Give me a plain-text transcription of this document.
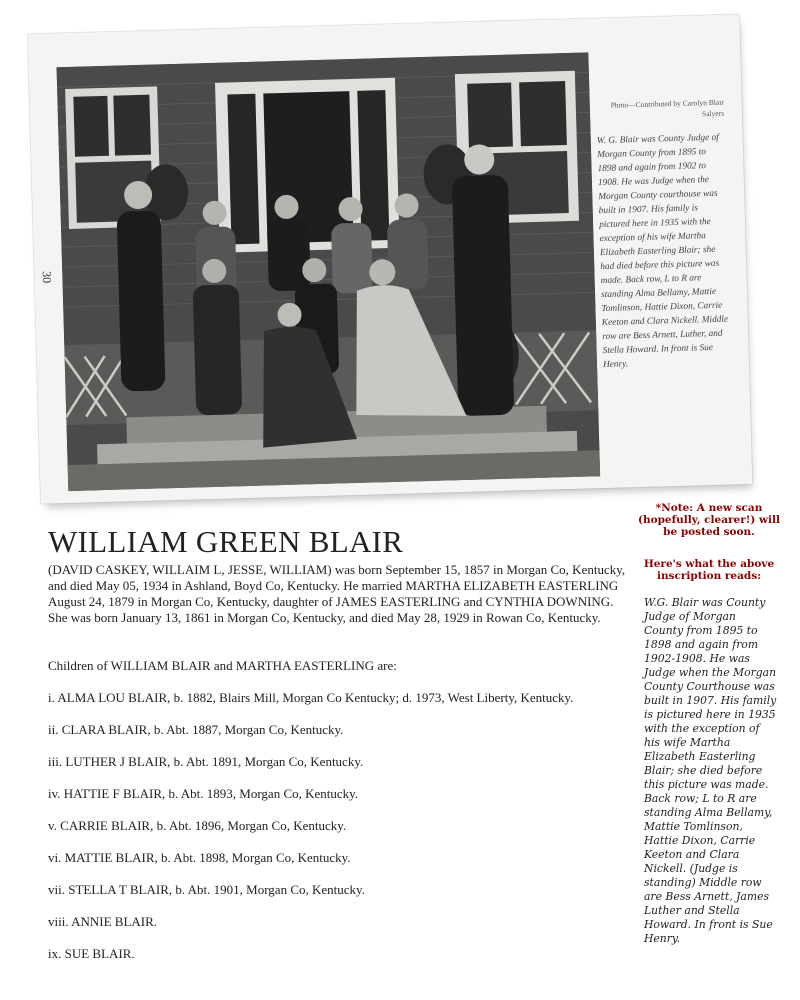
30
Photo—Contributed by Carolyn Blair Salyers
W. G. Blair was County Judge of Morgan County from 1895 to 1898 and again from 1902 to 1908. He was Judge when the Morgan County courthouse was built in 1907. His family is pictured here in 1935 with the exception of his wife Martha Elizabeth Easterling Blair; she had died before this picture was made. Back row, L to R are standing Alma Bellamy, Mattie Tomlinson, Hattie Dixon, Carrie Keeton and Clara Nickell. Middle row are Bess Arnett, Luther, and Stella Howard. In front is Sue Henry.
WILLIAM GREEN BLAIR

(DAVID CASKEY, WILLAIM L, JESSE, WILLIAM) was born September 15, 1857 in Morgan Co, Kentucky, and died May 05, 1934 in Ashland, Boyd Co, Kentucky. He married MARTHA ELIZABETH EASTERLING August 24, 1879 in Morgan Co, Kentucky, daughter of JAMES EASTERLING and CYNTHIA DOWNING. She was born January 13, 1861 in Morgan Co, Kentucky, and died May 28, 1929 in Rowan Co, Kentucky.

Children of WILLIAM BLAIR and MARTHA EASTERLING are:

i. ALMA LOU BLAIR, b. 1882, Blairs Mill, Morgan Co Kentucky; d. 1973, West Liberty, Kentucky.
ii. CLARA BLAIR, b. Abt. 1887, Morgan Co, Kentucky.
iii. LUTHER J BLAIR, b. Abt. 1891, Morgan Co, Kentucky.
iv. HATTIE F BLAIR, b. Abt. 1893, Morgan Co, Kentucky.
v. CARRIE BLAIR, b. Abt. 1896, Morgan Co, Kentucky.
vi. MATTIE BLAIR, b. Abt. 1898, Morgan Co, Kentucky.
vii. STELLA T BLAIR, b. Abt. 1901, Morgan Co, Kentucky.
viii. ANNIE BLAIR.
ix. SUE BLAIR.

*Note: A new scan (hopefully, clearer!) will be posted soon.

Here's what the above inscription reads:

W.G. Blair was County Judge of Morgan County from 1895 to 1898 and again from 1902-1908. He was Judge when the Morgan County Courthouse was built in 1907. His family is pictured here in 1935 with the exception of his wife Martha Elizabeth Easterling Blair; she died before this picture was made. Back row; L to R are standing Alma Bellamy, Mattie Tomlinson, Hattie Dixon, Carrie Keeton and Clara Nickell. (Judge is standing) Middle row are Bess Arnett, James Luther and Stella Howard. In front is Sue Henry.
